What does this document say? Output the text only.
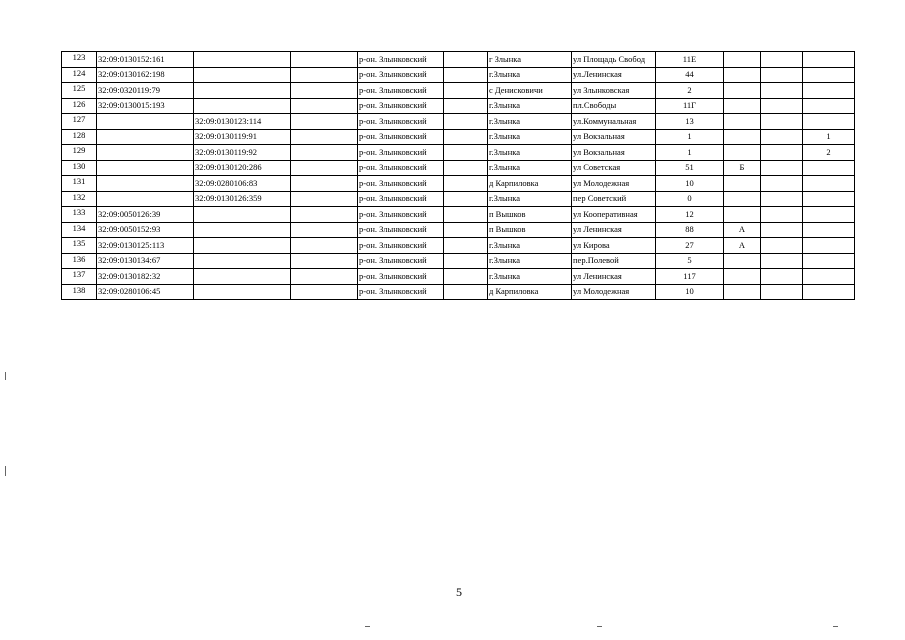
123	32:09:0130152:161			р-он. Злынковский		г Злынка	ул Площадь Свобод	11Е			
124	32:09:0130162:198			р-он. Злынковский		г.Злынка	ул.Ленинская	44			
125	32:09:0320119:79			р-он. Злынковский		с Денисковичи	ул Злынковская	2			
126	32:09:0130015:193			р-он. Злынковский		г.Злынка	пл.Свободы	11Г			
127		32:09:0130123:114		р-он. Злынковский		г.Злынка	ул.Коммунальная	13			
128		32:09:0130119:91		р-он. Злынковский		г.Злынка	ул Вокзальная	1			1
129		32:09:0130119:92		р-он. Злынковский		г.Злынка	ул Вокзальная	1			2
130		32:09:0130120:286		р-он. Злынковский		г.Злынка	ул Советская	51	Б		
131		32:09:0280106:83		р-он. Злынковский		д Карпиловка	ул Молодежная	10			
132		32:09:0130126:359		р-он. Злынковский		г.Злынка	пер Советский	0			
133	32:09:0050126:39			р-он. Злынковский		п Вышков	ул Кооперативная	12			
134	32:09:0050152:93			р-он. Злынковский		п Вышков	ул Ленинская	88	А		
135	32:09:0130125:113			р-он. Злынковский		г.Злынка	ул Кирова	27	А		
136	32:09:0130134:67			р-он. Злынковский		г.Злынка	пер.Полевой	5			
137	32:09:0130182:32			р-он. Злынковский		г.Злынка	ул Ленинская	117			
138	32:09:0280106:45			р-он. Злынковский		д Карпиловка	ул Молодежная	10			
5
